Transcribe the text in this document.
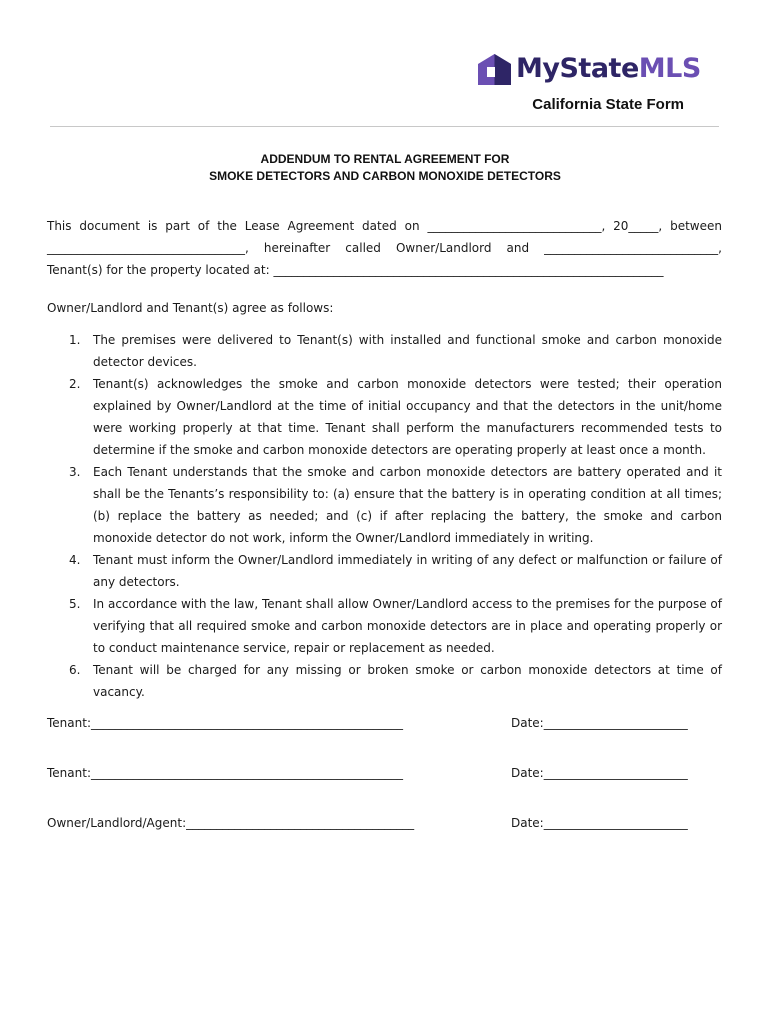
MyStateMLS
California State Form
ADDENDUM TO RENTAL AGREEMENT FOR
SMOKE DETECTORS AND CARBON MONOXIDE DETECTORS
This document is part of the Lease Agreement dated on _____________________________, 20_____, between _________________________________, hereinafter called Owner/Landlord and _____________________________, Tenant(s) for the property located at: _________________________________________________________________
Owner/Landlord and Tenant(s) agree as follows:
1. The premises were delivered to Tenant(s) with installed and functional smoke and carbon monoxide detector devices.
2. Tenant(s) acknowledges the smoke and carbon monoxide detectors were tested; their operation explained by Owner/Landlord at the time of initial occupancy and that the detectors in the unit/home were working properly at that time. Tenant shall perform the manufacturers recommended tests to determine if the smoke and carbon monoxide detectors are operating properly at least once a month.
3. Each Tenant understands that the smoke and carbon monoxide detectors are battery operated and it shall be the Tenants’s responsibility to: (a) ensure that the battery is in operating condition at all times; (b) replace the battery as needed; and (c) if after replacing the battery, the smoke and carbon monoxide detector do not work, inform the Owner/Landlord immediately in writing.
4. Tenant must inform the Owner/Landlord immediately in writing of any defect or malfunction or failure of any detectors.
5. In accordance with the law, Tenant shall allow Owner/Landlord access to the premises for the purpose of verifying that all required smoke and carbon monoxide detectors are in place and operating properly or to conduct maintenance service, repair or replacement as needed.
6. Tenant will be charged for any missing or broken smoke or carbon monoxide detectors at time of vacancy.
Tenant:____________________________________________________	Date:________________________
Tenant:____________________________________________________	Date:________________________
Owner/Landlord/Agent:______________________________________	Date:________________________
